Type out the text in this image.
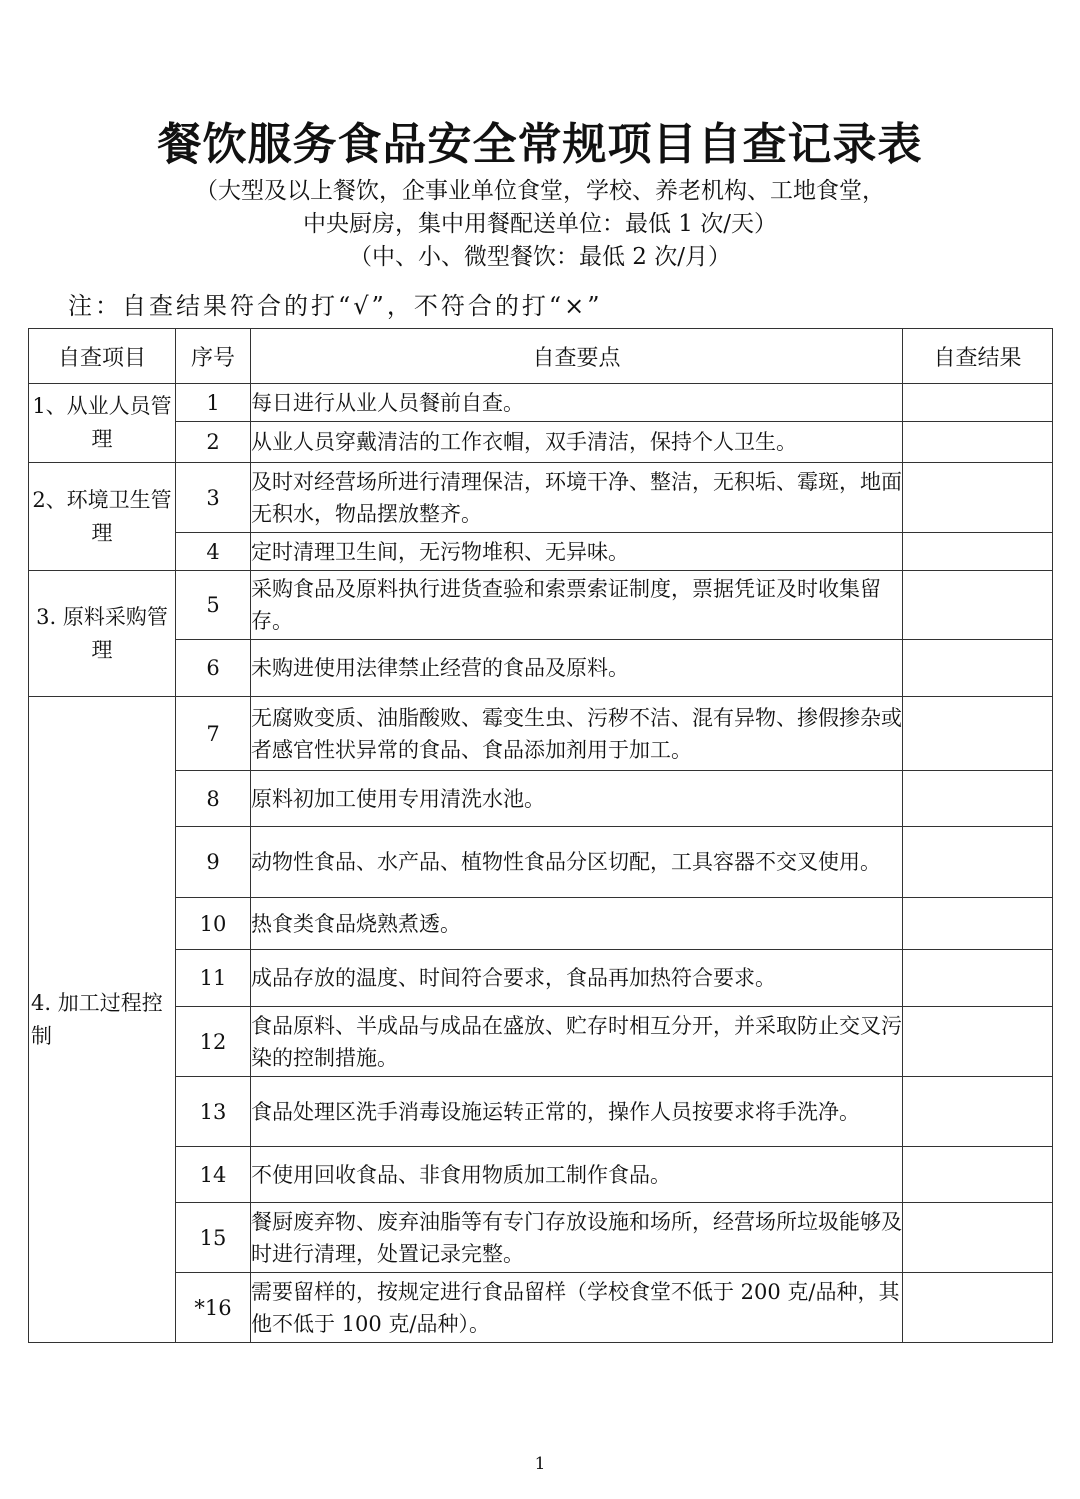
餐饮服务食品安全常规项目自查记录表
（大型及以上餐饮，企事业单位食堂，学校、养老机构、工地食堂，
中央厨房，集中用餐配送单位：最低 1 次/天）
（中、小、微型餐饮：最低 2 次/月）
注：自查结果符合的打“√”，不符合的打“×”
自查项目	序号	自查要点	自查结果
1、从业人员管理	1	每日进行从业人员餐前自查。	
	2	从业人员穿戴清洁的工作衣帽，双手清洁，保持个人卫生。	
2、环境卫生管理	3	及时对经营场所进行清理保洁，环境干净、整洁，无积垢、霉斑，地面无积水，物品摆放整齐。	
	4	定时清理卫生间，无污物堆积、无异味。	
3. 原料采购管理	5	采购食品及原料执行进货查验和索票索证制度，票据凭证及时收集留存。	
	6	未购进使用法律禁止经营的食品及原料。	
4. 加工过程控制	7	无腐败变质、油脂酸败、霉变生虫、污秽不洁、混有异物、掺假掺杂或者感官性状异常的食品、食品添加剂用于加工。	
	8	原料初加工使用专用清洗水池。	
	9	动物性食品、水产品、植物性食品分区切配，工具容器不交叉使用。	
	10	热食类食品烧熟煮透。	
	11	成品存放的温度、时间符合要求，食品再加热符合要求。	
	12	食品原料、半成品与成品在盛放、贮存时相互分开，并采取防止交叉污染的控制措施。	
	13	食品处理区洗手消毒设施运转正常的，操作人员按要求将手洗净。	
	14	不使用回收食品、非食用物质加工制作食品。	
	15	餐厨废弃物、废弃油脂等有专门存放设施和场所，经营场所垃圾能够及时进行清理，处置记录完整。	
	*16	需要留样的，按规定进行食品留样（学校食堂不低于 200 克/品种，其他不低于 100 克/品种）。	
1
